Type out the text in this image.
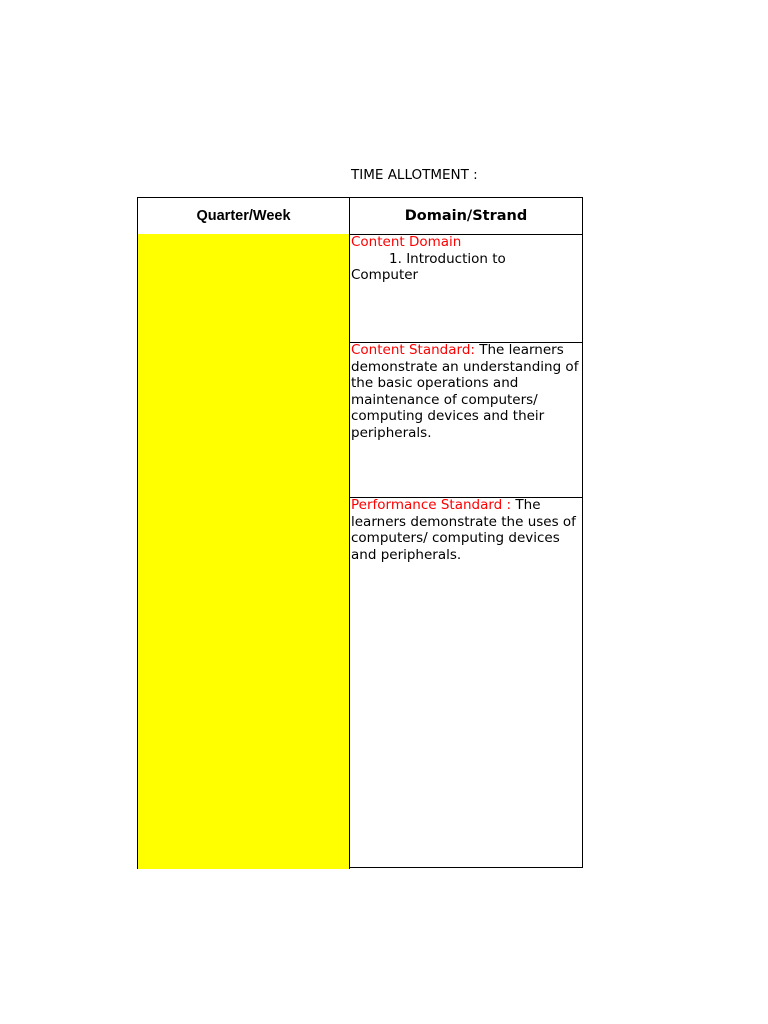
TIME ALLOTMENT :
Quarter/Week	Domain/Strand
Content Domain
1. Introduction to
Computer
Content Standard: The learners demonstrate an understanding of the basic operations and maintenance of computers/ computing devices and their peripherals.
Performance Standard : The learners demonstrate the uses of computers/ computing devices and peripherals.
